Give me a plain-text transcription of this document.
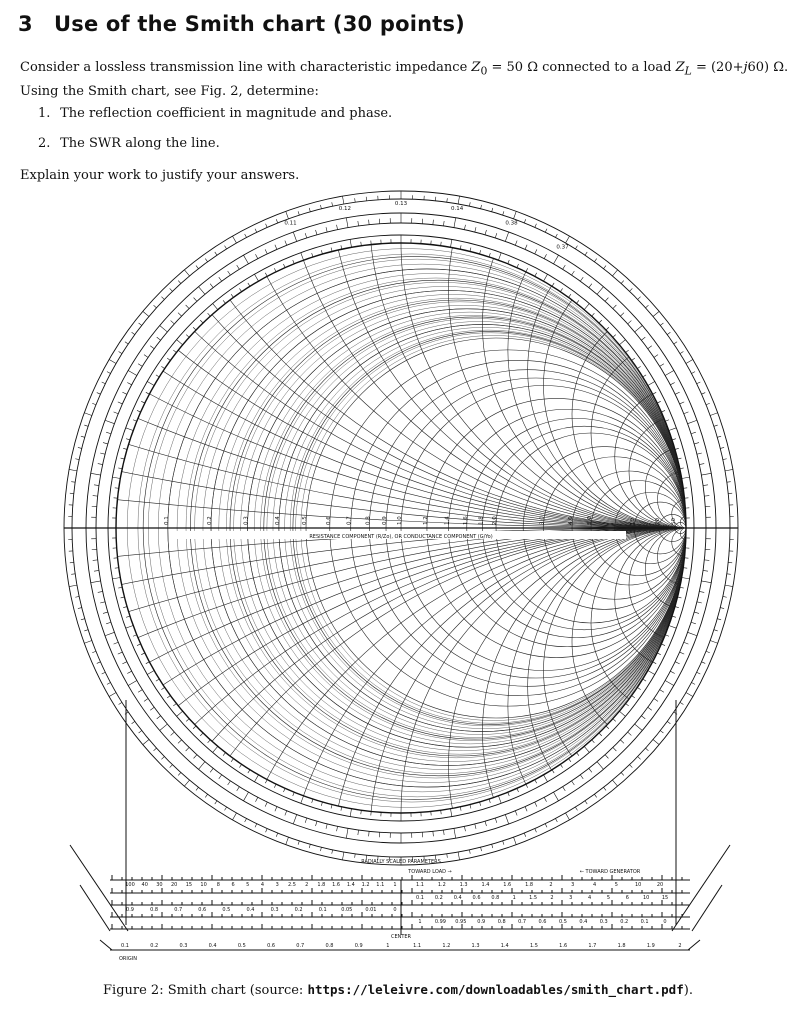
3 Use of the Smith chart (30 points)
Consider a lossless transmission line with characteristic impedance $Z_0 = 50$ Ω connected to a load $Z_L = (20+j60)$ Ω.
Using the Smith chart, see Fig. 2, determine:
1. The reflection coefficient in magnitude and phase.
2. The SWR along the line.
Explain your work to justify your answers.
RESISTANCE COMPONENT (R/Zo), OR CONDUCTANCE COMPONENT (G/Yo)
0.1	0.2	0.3	0.4	0.5	0.6	0.7 0.8 0.9 1.0	1.2	1.4 1.6 1.8 2.0	3.0	4.0 5.0	10	20 50
0.11
0.12
0.13
0.14
0.38
0.37
RADIALLY SCALED PARAMETERS
TOWARD LOAD →	← TOWARD GENERATOR
100 40 30 20 15 10 8 6 5 4 3 2.5 2 1.8 1.6 1.4 1.2 1.1 1	1.1	1.2	1.3	1.4	1.6	1.8	2	3	4	5	10	20
0.9	0.8	0.7	0.6	0.5	0.4	0.3	0.2	0.1	0.05	0.01	0
0.1 0.2 0.4 0.6 0.8	1	1.5	2	3	4	5	6	10 15
1	0.99 0.95 0.9 0.8 0.7 0.6 0.5 0.4 0.3 0.2 0.1	0
0.1	0.2	0.3	0.4	0.5	0.6	0.7	0.8	0.9	1	1.1	1.2	1.3	1.4	1.5	1.6	1.7	1.8	1.9	2
CENTER
ORIGIN
Figure 2: Smith chart (source: https://leleivre.com/downloadables/smith_chart.pdf).
